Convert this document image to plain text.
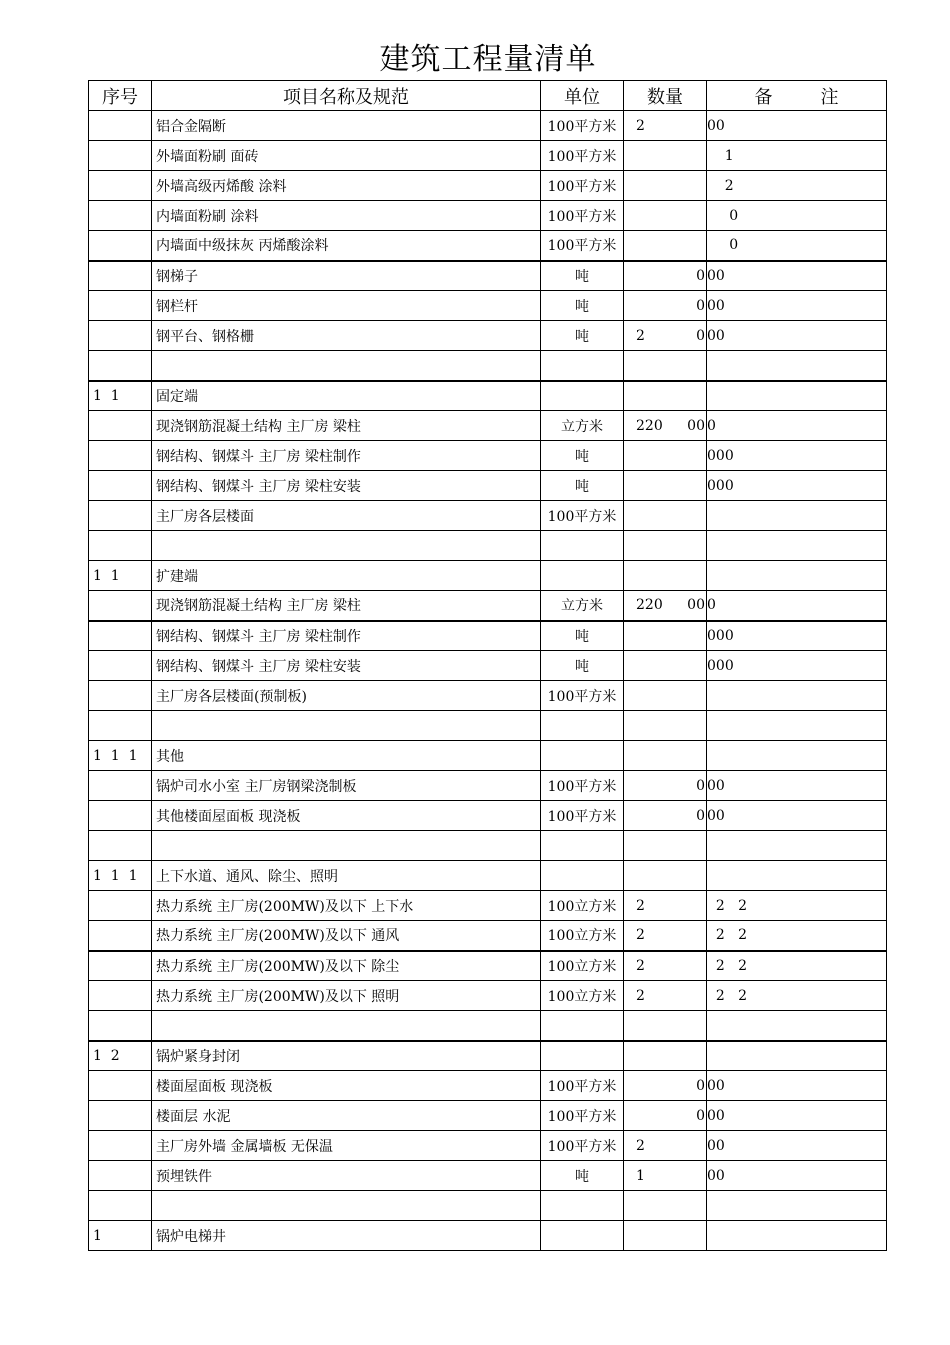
建筑工程量清单
序号	项目名称及规范	单位	数量	备 注
	铝合金隔断	100平方米	2	00
	外墙面粉刷 面砖	100平方米		1
	外墙高级丙烯酸 涂料	100平方米		2
	内墙面粉刷 涂料	100平方米		0
	内墙面中级抹灰 丙烯酸涂料	100平方米		0
	钢梯子	吨		0 00
	钢栏杆	吨		0 00
	钢平台、钢格栅	吨	2	0 00

1  1	固定端			
	现浇钢筋混凝土结构 主厂房 梁柱	立方米	220	00 0
	钢结构、钢煤斗 主厂房 梁柱制作	吨		000
	钢结构、钢煤斗 主厂房 梁柱安装	吨		000
	主厂房各层楼面	100平方米		

1  1	扩建端			
	现浇钢筋混凝土结构 主厂房 梁柱	立方米	220	00 0
	钢结构、钢煤斗 主厂房 梁柱制作	吨		000
	钢结构、钢煤斗 主厂房 梁柱安装	吨		000
	主厂房各层楼面(预制板)	100平方米		

1  1  1	其他			
	锅炉司水小室 主厂房钢梁浇制板	100平方米		0 00
	其他楼面屋面板 现浇板	100平方米		0 00

1  1  1	上下水道、通风、除尘、照明			
	热力系统 主厂房(200MW)及以下 上下水	100立方米	2	2   2
	热力系统 主厂房(200MW)及以下 通风	100立方米	2	2   2
	热力系统 主厂房(200MW)及以下 除尘	100立方米	2	2   2
	热力系统 主厂房(200MW)及以下 照明	100立方米	2	2   2

1  2	锅炉紧身封闭			
	楼面屋面板 现浇板	100平方米		0 00
	楼面层 水泥	100平方米		0 00
	主厂房外墙 金属墙板 无保温	100平方米	2	00
	预埋铁件	吨	1	00

1	锅炉电梯井			
